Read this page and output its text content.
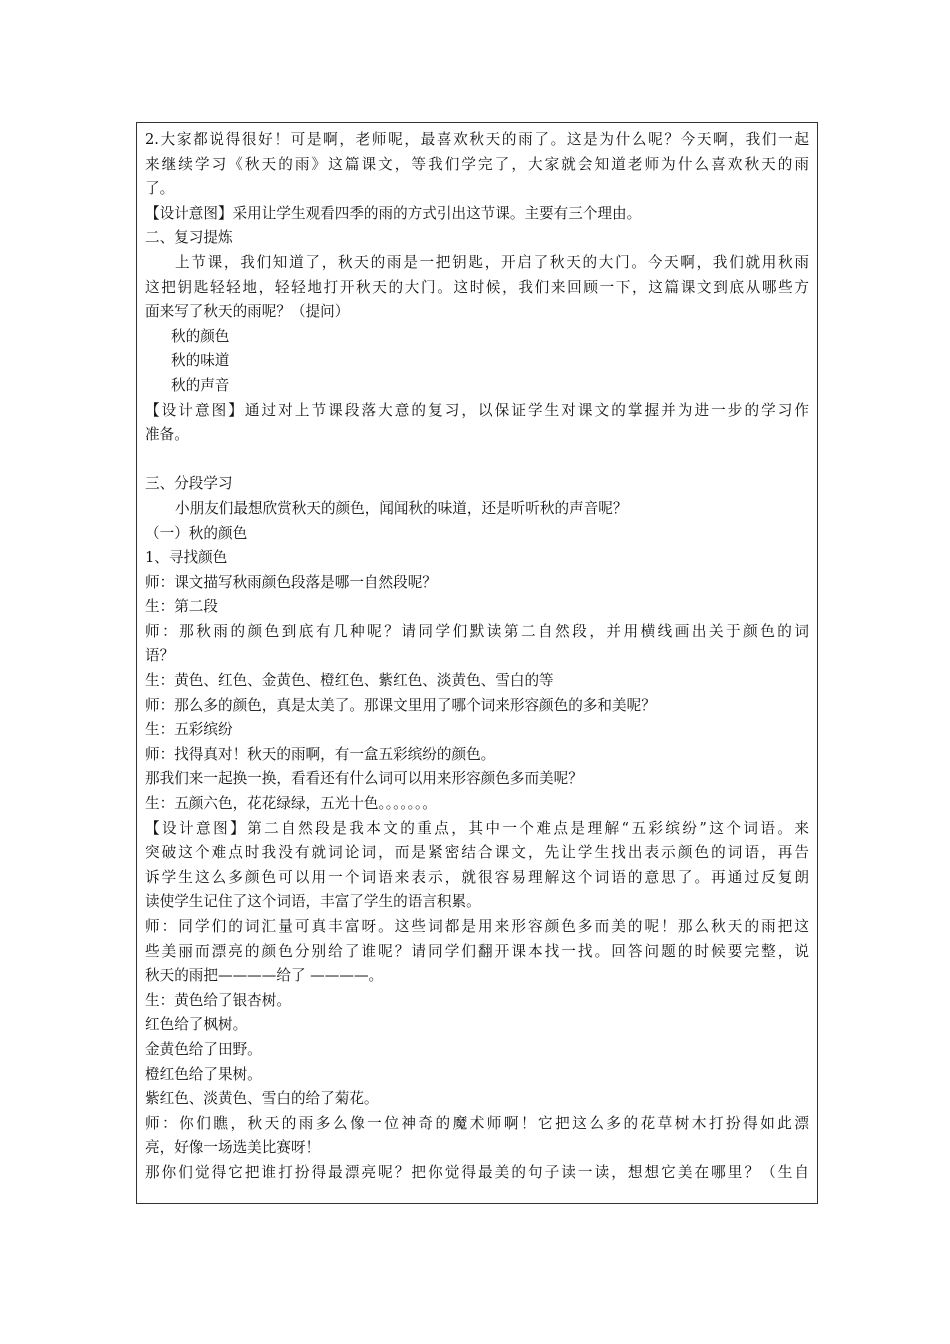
2.大家都说得很好！可是啊，老师呢，最喜欢秋天的雨了。这是为什么呢？今天啊，我们一起
来继续学习《秋天的雨》这篇课文，等我们学完了，大家就会知道老师为什么喜欢秋天的雨
了。
【设计意图】采用让学生观看四季的雨的方式引出这节课。主要有三个理由。
二、复习提炼
上节课，我们知道了，秋天的雨是一把钥匙，开启了秋天的大门。今天啊，我们就用秋雨
这把钥匙轻轻地，轻轻地打开秋天的大门。这时候，我们来回顾一下，这篇课文到底从哪些方
面来写了秋天的雨呢？（提问）
秋的颜色
秋的味道
秋的声音
【设计意图】通过对上节课段落大意的复习，以保证学生对课文的掌握并为进一步的学习作
准备。
三、分段学习
小朋友们最想欣赏秋天的颜色，闻闻秋的味道，还是听听秋的声音呢？
（一）秋的颜色
1、寻找颜色
师：课文描写秋雨颜色段落是哪一自然段呢？
生：第二段
师：那秋雨的颜色到底有几种呢？请同学们默读第二自然段，并用横线画出关于颜色的词
语？
生：黄色、红色、金黄色、橙红色、紫红色、淡黄色、雪白的等
师：那么多的颜色，真是太美了。那课文里用了哪个词来形容颜色的多和美呢？
生：五彩缤纷
师：找得真对！秋天的雨啊，有一盒五彩缤纷的颜色。
那我们来一起换一换，看看还有什么词可以用来形容颜色多而美呢？
生：五颜六色，花花绿绿，五光十色。。。。。。。
【设计意图】第二自然段是我本文的重点，其中一个难点是理解“五彩缤纷”这个词语。来
突破这个难点时我没有就词论词，而是紧密结合课文，先让学生找出表示颜色的词语，再告
诉学生这么多颜色可以用一个词语来表示，就很容易理解这个词语的意思了。再通过反复朗
读使学生记住了这个词语，丰富了学生的语言积累。
师：同学们的词汇量可真丰富呀。这些词都是用来形容颜色多而美的呢！那么秋天的雨把这
些美丽而漂亮的颜色分别给了谁呢？请同学们翻开课本找一找。回答问题的时候要完整，说
秋天的雨把————给了 ————。
生：黄色给了银杏树。
红色给了枫树。
金黄色给了田野。
橙红色给了果树。
紫红色、淡黄色、雪白的给了菊花。
师：你们瞧，秋天的雨多么像一位神奇的魔术师啊！它把这么多的花草树木打扮得如此漂
亮，好像一场选美比赛呀！
那你们觉得它把谁打扮得最漂亮呢？把你觉得最美的句子读一读，想想它美在哪里？（生自
